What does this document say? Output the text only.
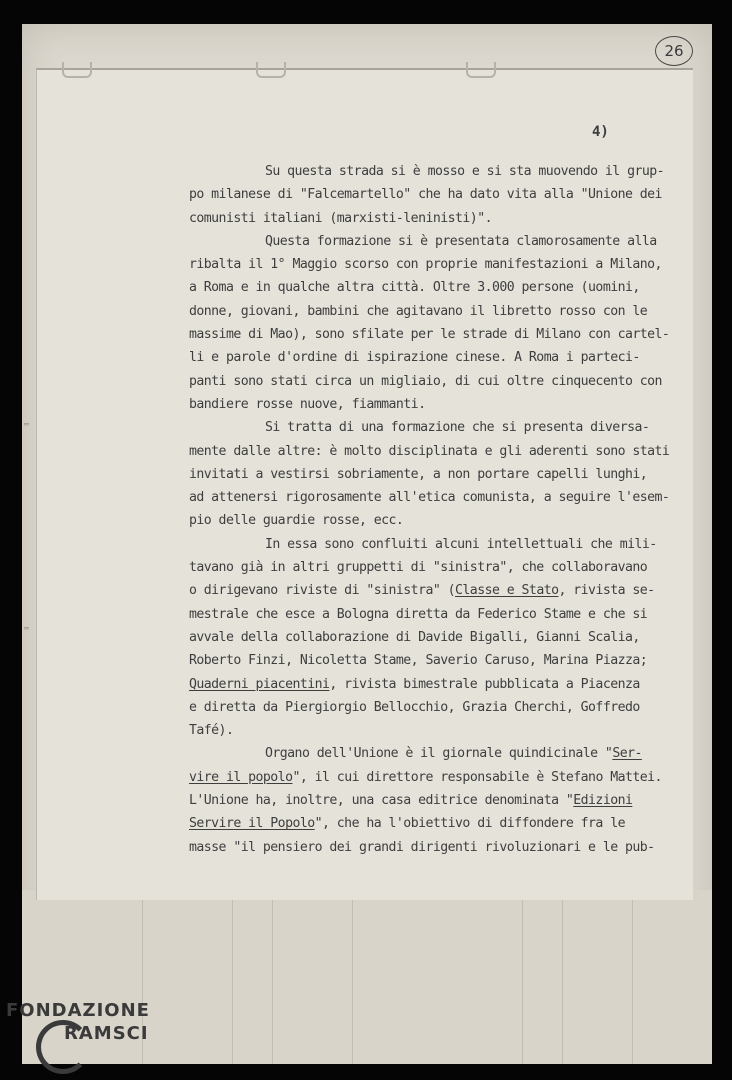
═
═
26
4)
Su questa strada si è mosso e si sta muovendo il grup-
po milanese di "Falcemartello" che ha dato vita alla "Unione dei
comunisti italiani (marxisti-leninisti)".
Questa formazione si è presentata clamorosamente alla
ribalta il 1° Maggio scorso con proprie manifestazioni a Milano,
a Roma e in qualche altra città. Oltre 3.000 persone (uomini,
donne, giovani, bambini che agitavano il libretto rosso con le
massime di Mao), sono sfilate per le strade di Milano con cartel-
li e parole d'ordine di ispirazione cinese. A Roma i parteci-
panti sono stati circa un migliaio, di cui oltre cinquecento con
bandiere rosse nuove, fiammanti.
Si tratta di una formazione che si presenta diversa-
mente dalle altre: è molto disciplinata e gli aderenti sono stati
invitati a vestirsi sobriamente, a non portare capelli lunghi,
ad attenersi rigorosamente all'etica comunista, a seguire l'esem-
pio delle guardie rosse, ecc.
In essa sono confluiti alcuni intellettuali che mili-
tavano già in altri gruppetti di "sinistra", che collaboravano
o dirigevano riviste di "sinistra" (Classe e Stato, rivista se-
mestrale che esce a Bologna diretta da Federico Stame e che si
avvale della collaborazione di Davide Bigalli, Gianni Scalia,
Roberto Finzi, Nicoletta Stame, Saverio Caruso, Marina Piazza;
Quaderni piacentini, rivista bimestrale pubblicata a Piacenza
e diretta da Piergiorgio Bellocchio, Grazia Cherchi, Goffredo
Tafé).
Organo dell'Unione è il giornale quindicinale "Ser-
vire il popolo", il cui direttore responsabile è Stefano Mattei.
L'Unione ha, inoltre, una casa editrice denominata "Edizioni
Servire il Popolo", che ha l'obiettivo di diffondere fra le
masse "il pensiero dei grandi dirigenti rivoluzionari e le pub-
FONDAZIONE
RAMSCI
